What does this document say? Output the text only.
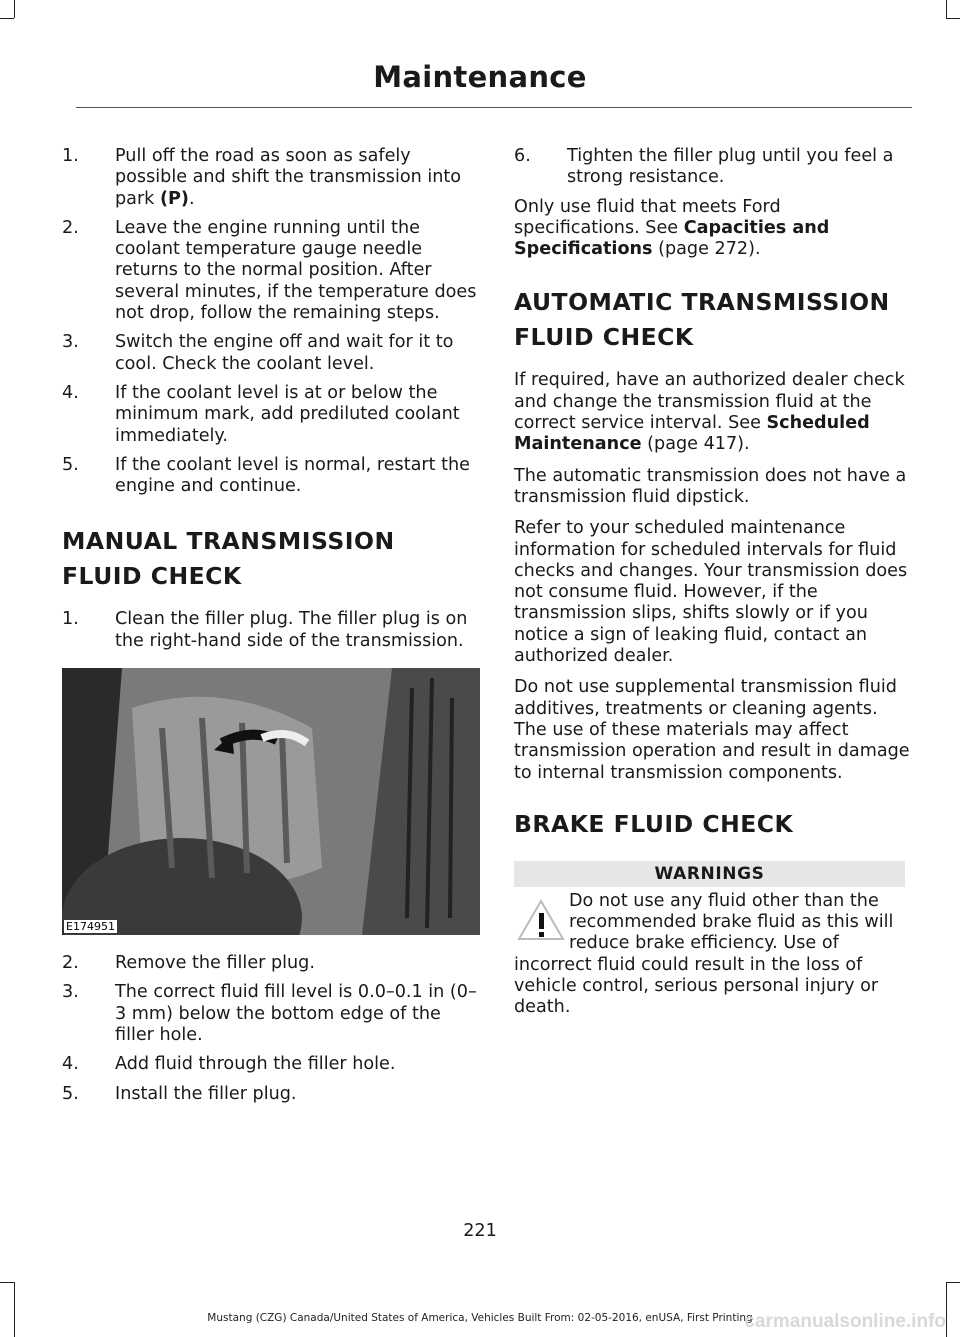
Maintenance
1. Pull off the road as soon as safely possible and shift the transmission into park (P).
2. Leave the engine running until the coolant temperature gauge needle returns to the normal position. After several minutes, if the temperature does not drop, follow the remaining steps.
3. Switch the engine off and wait for it to cool. Check the coolant level.
4. If the coolant level is at or below the minimum mark, add prediluted coolant immediately.
5. If the coolant level is normal, restart the engine and continue.
MANUAL TRANSMISSION
FLUID CHECK
1. Clean the filler plug. The filler plug is on the right-hand side of the transmission.
E174951
2. Remove the filler plug.
3. The correct fluid fill level is 0.0–0.1 in (0–3 mm) below the bottom edge of the filler hole.
4. Add fluid through the filler hole.
5. Install the filler plug.
6. Tighten the filler plug until you feel a strong resistance.

Only use fluid that meets Ford specifications. See Capacities and Specifications (page 272).

AUTOMATIC TRANSMISSION
FLUID CHECK

If required, have an authorized dealer check and change the transmission fluid at the correct service interval. See Scheduled Maintenance (page 417).

The automatic transmission does not have a transmission fluid dipstick.

Refer to your scheduled maintenance information for scheduled intervals for fluid checks and changes. Your transmission does not consume fluid. However, if the transmission slips, shifts slowly or if you notice a sign of leaking fluid, contact an authorized dealer.

Do not use supplemental transmission fluid additives, treatments or cleaning agents. The use of these materials may affect transmission operation and result in damage to internal transmission components.

BRAKE FLUID CHECK
WARNINGS
Do not use any fluid other than the recommended brake fluid as this will reduce brake efficiency. Use of incorrect fluid could result in the loss of vehicle control, serious personal injury or death.
221
Mustang (CZG) Canada/United States of America, Vehicles Built From: 02-05-2016, enUSA, First Printing
carmanualsonline.info
